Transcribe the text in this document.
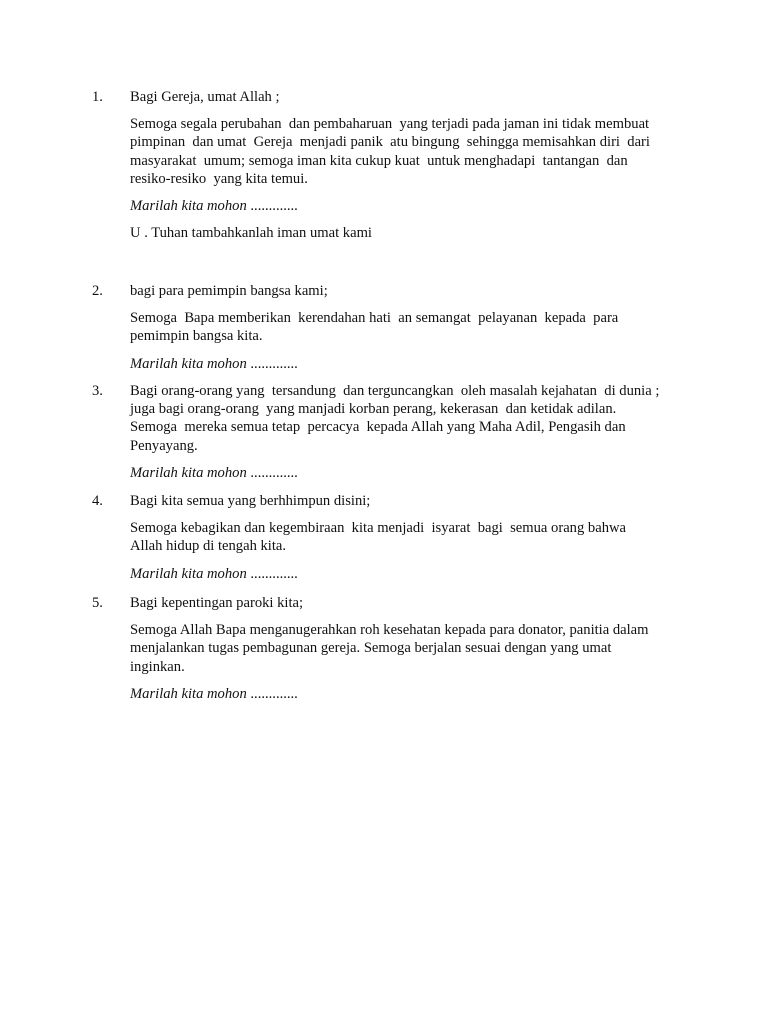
1. Bagi Gereja, umat Allah ;

Semoga segala perubahan  dan pembaharuan  yang terjadi pada jaman ini tidak membuat pimpinan  dan umat  Gereja  menjadi panik  atu bingung  sehingga memisahkan diri  dari masyarakat  umum; semoga iman kita cukup kuat  untuk menghadapi  tantangan  dan resiko-resiko  yang kita temui.

Marilah kita mohon .............

U . Tuhan tambahkanlah iman umat kami

2. bagi para pemimpin bangsa kami;

Semoga  Bapa memberikan  kerendahan hati  an semangat  pelayanan  kepada  para pemimpin bangsa kita.

Marilah kita mohon .............

3. Bagi orang-orang yang  tersandung  dan terguncangkan  oleh masalah kejahatan  di dunia ; juga bagi orang-orang  yang manjadi korban perang, kekerasan  dan ketidak adilan.  Semoga  mereka semua tetap  percacya  kepada Allah yang Maha Adil, Pengasih dan Penyayang.

Marilah kita mohon .............

4. Bagi kita semua yang berhhimpun disini;

Semoga kebagikan dan kegembiraan  kita menjadi  isyarat  bagi  semua orang bahwa Allah hidup di tengah kita.

Marilah kita mohon .............

5. Bagi kepentingan paroki kita;

Semoga Allah Bapa menganugerahkan roh kesehatan kepada para donator, panitia dalam menjalankan tugas pembagunan gereja. Semoga berjalan sesuai dengan yang umat inginkan.

Marilah kita mohon .............
